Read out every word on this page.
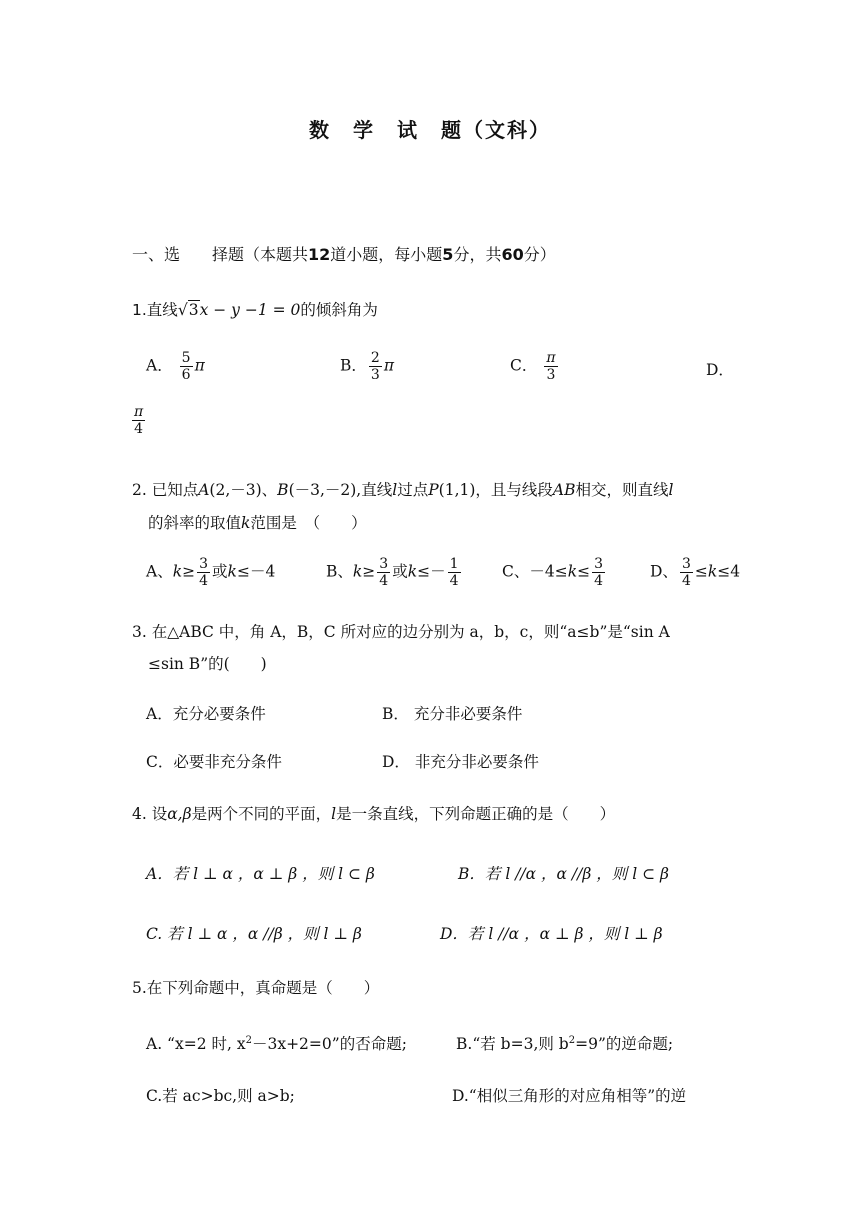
数　学　试　题（文科）
一、选　　择题（本题共12道小题，每小题5分，共60分）
1.直线√3x − y −1 = 0的倾斜角为
A． $\frac{5}{6}$ π	B． $\frac{2}{3}$ π	C． $\frac{\pi}{3}$	D．
$\frac{\pi}{4}$
2. 已知点A(2,－3)、B(－3,－2),直线l过点P(1,1)，且与线段AB相交，则直线l
的斜率的取值k范围是　（　　）
A、$k\ge \frac{3}{4}$ 或k≤－4	B、$k\ge \frac{3}{4}$ 或$k\le- \frac{1}{4}$	C、$-4\le k\le \frac{3}{4}$	D、 $\frac{3}{4} \le k\le 4$
3. 在△ABC 中，角 A，B，C 所对应的边分别为 a，b，c，则“a≤b”是“sin A
≤sin B”的(　　)
A．充分必要条件	B． 充分非必要条件
C．必要非充分条件	D． 非充分非必要条件
4. 设α,β是两个不同的平面，l是一条直线，下列命题正确的是（　　）
A．若 l ⊥ α ，α ⊥ β ，则 l ⊂ β	B．若 l //α ，α //β ，则 l ⊂ β
C. 若 l ⊥ α ，α //β ，则 l ⊥ β	D．若 l //α ，α ⊥ β ，则 l ⊥ β
5.在下列命题中，真命题是（　　）
A. “x=2 时, $x^2-3x+2=0$”的否命题;	B.“若 b=3,则 $b^2=9$”的逆命题;
C.若 ac>bc,则 a>b;	D.“相似三角形的对应角相等”的逆
